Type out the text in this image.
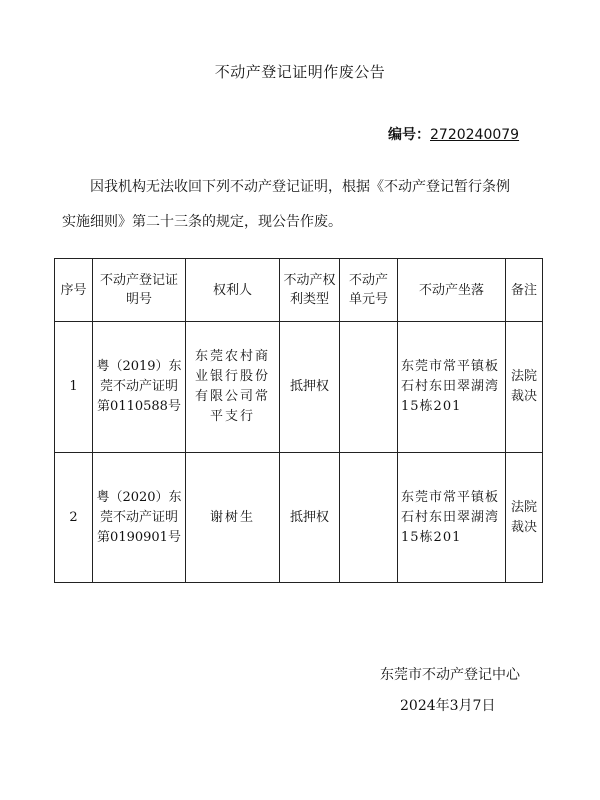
不动产登记证明作废公告
编号：2720240079

因我机构无法收回下列不动产登记证明，根据《不动产登记暂行条例

实施细则》第二十三条的规定，现公告作废。

序号	不动产登记证明号	权利人	不动产权利类型	不动产单元号	不动产坐落	备注
1	粤（2019）东莞不动产证明第0110588号	东莞农村商业银行股份有限公司常平支行	抵押权		东莞市常平镇板石村东田翠湖湾15栋201	法院裁决
2	粤（2020）东莞不动产证明第0190901号	谢树生	抵押权		东莞市常平镇板石村东田翠湖湾15栋201	法院裁决
东莞市不动产登记中心
2024年3月7日
